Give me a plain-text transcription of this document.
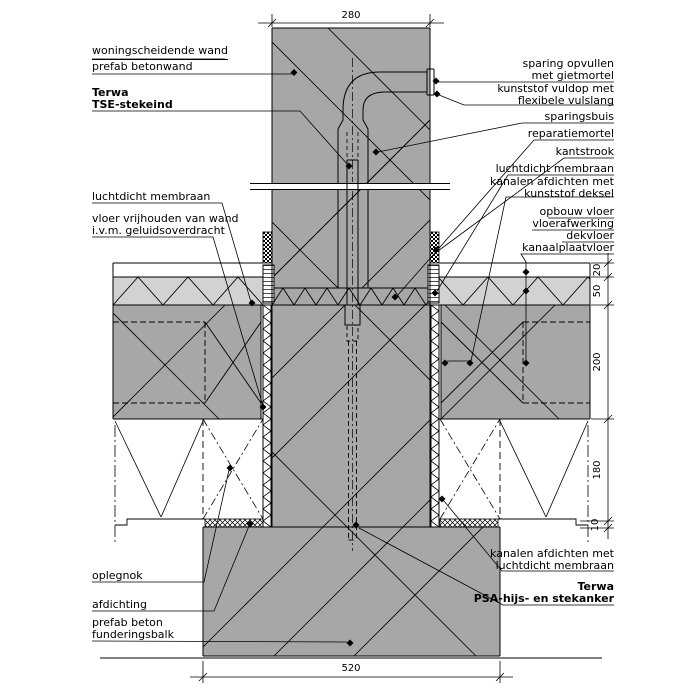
280
520
20
50
200
180
10
woningscheidende wand
prefab betonwand
Terwa
TSE-stekeind
luchtdicht membraan
vloer vrijhouden van wand
i.v.m. geluidsoverdracht
oplegnok
afdichting
prefab beton
funderingsbalk
sparing opvullen
met gietmortel
kunststof vuldop met
flexibele vulslang
sparingsbuis
reparatiemortel
kantstrook
luchtdicht membraan
kanalen afdichten met
kunststof deksel
opbouw vloer
vloerafwerking
dekvloer
kanaalplaatvloer
kanalen afdichten met
luchtdicht membraan
Terwa
PSA-hijs- en stekanker
